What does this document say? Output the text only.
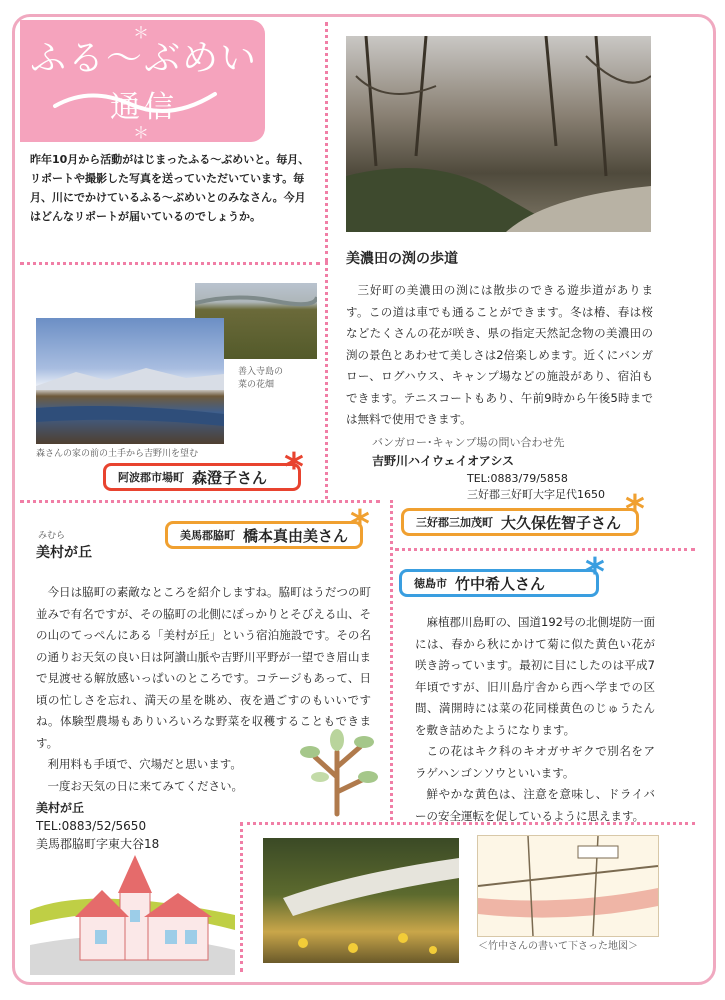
＊
＊
ふる～ぶめいと
通信
昨年10月から活動がはじまったふる～ぶめいと。毎月、リポートや撮影した写真を送っていただいています。毎月、川にでかけているふる～ぶめいとのみなさん。今月はどんなリポートが届いているのでしょうか。
美濃田の渕の歩道

三好町の美濃田の渕には散歩のできる遊歩道があります。この道は車でも通ることができます。冬は椿、春は桜などたくさんの花が咲き、県の指定天然記念物の美濃田の渕の景色とあわせて美しさは2倍楽しめます。近くにバンガロー、ログハウス、キャンプ場などの施設があり、宿泊もできます。テニスコートもあり、午前9時から午後5時までは無料で使用できます。

バンガロー･キャンプ場の問い合わせ先
吉野川ハイウェイオアシス
TEL:0883/79/5858
三好郡三好町大字足代1650
善入寺島の
菜の花畑
森さんの家の前の土手から吉野川を望む
阿波郡市場町 森澄子さん *
三好郡三加茂町 大久保佐智子さん *
美馬郡脇町 橋本真由美さん *
みむら
美村が丘

今日は脇町の素敵なところを紹介しますね。脇町はうだつの町並みで有名ですが、その脇町の北側にぽっかりとそびえる山、その山のてっぺんにある「美村が丘」という宿泊施設です。その名の通りお天気の良い日は阿讃山脈や吉野川平野が一望でき眉山まで見渡せる解放感いっぱいのところです。コテージもあって、日頃の忙しさを忘れ、満天の星を眺め、夜を過ごすのもいいですね。体験型農場もありいろいろな野菜を収穫することもできます。

利用料も手頃で、穴場だと思います。

一度お天気の日に来てみてください。

美村が丘
TEL:0883/52/5650
美馬郡脇町字東大谷18
徳島市 竹中希人さん *

麻植郡川島町の、国道192号の北側堤防一面には、春から秋にかけて菊に似た黄色い花が咲き誇っています。最初に目にしたのは平成7年頃ですが、旧川島庁舎から西へ学までの区間、満開時には菜の花同様黄色のじゅうたんを敷き詰めたようになります。

この花はキク科のキオガサギクで別名をアラゲハンゴンソウといいます。

鮮やかな黄色は、注意を意味し、ドライバーの安全運転を促しているように思えます。

＜竹中さんの書いて下さった地図＞
